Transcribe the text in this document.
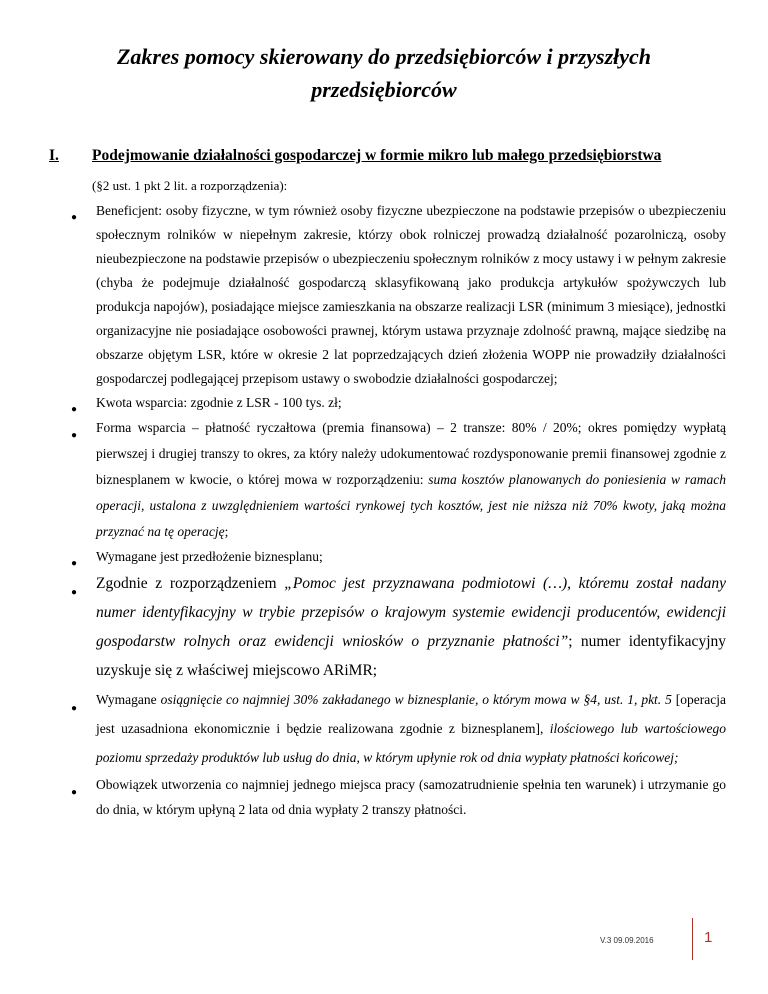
Zakres pomocy skierowany do przedsiębiorców i przyszłych przedsiębiorców
I. Podejmowanie działalności gospodarczej w formie mikro lub małego przedsiębiorstwa
(§2 ust. 1 pkt 2 lit. a rozporządzenia):
● Beneficjent: osoby fizyczne, w tym również osoby fizyczne ubezpieczone na podstawie przepisów o ubezpieczeniu społecznym rolników w niepełnym zakresie, którzy obok rolniczej prowadzą działalność pozarolniczą, osoby nieubezpieczone na podstawie przepisów o ubezpieczeniu społecznym rolników z mocy ustawy i w pełnym zakresie (chyba że podejmuje działalność gospodarczą sklasyfikowaną jako produkcja artykułów spożywczych lub produkcja napojów), posiadające miejsce zamieszkania na obszarze realizacji LSR (minimum 3 miesiące), jednostki organizacyjne nie posiadające osobowości prawnej, którym ustawa przyznaje zdolność prawną, mające siedzibę na obszarze objętym LSR, które w okresie 2 lat poprzedzających dzień złożenia WOPP nie prowadziły działalności gospodarczej podlegającej przepisom ustawy o swobodzie działalności gospodarczej;
● Kwota wsparcia: zgodnie z LSR - 100 tys. zł;
●
Forma wsparcia – płatność ryczałtowa (premia finansowa) – 2 transze: 80% / 20%; okres pomiędzy wypłatą pierwszej i drugiej transzy to okres, za który należy udokumentować rozdysponowanie premii finansowej zgodnie z biznesplanem w kwocie, o której mowa w rozporządzeniu: suma kosztów planowanych do poniesienia w ramach operacji, ustalona z uwzględnieniem wartości rynkowej tych kosztów, jest nie niższa niż 70% kwoty, jaką można przyznać na tę operację;
● Wymagane jest przedłożenie biznesplanu;
●
Zgodnie z rozporządzeniem „Pomoc jest przyznawana podmiotowi (…), któremu został nadany numer identyfikacyjny w trybie przepisów o krajowym systemie ewidencji producentów, ewidencji gospodarstw rolnych oraz ewidencji wniosków o przyznanie płatności”; numer identyfikacyjny uzyskuje się z właściwej miejscowo ARiMR;
●
Wymagane osiągnięcie co najmniej 30% zakładanego w biznesplanie, o którym mowa w §4, ust. 1, pkt. 5 [operacja jest uzasadniona ekonomicznie i będzie realizowana zgodnie z biznesplanem], ilościowego lub wartościowego poziomu sprzedaży produktów lub usług do dnia, w którym upłynie rok od dnia wypłaty płatności końcowej;
●
Obowiązek utworzenia co najmniej jednego miejsca pracy (samozatrudnienie spełnia ten warunek) i utrzymanie go do dnia, w którym upłyną 2 lata od dnia wypłaty 2 transzy płatności.
V.3 09.09.2016	1
